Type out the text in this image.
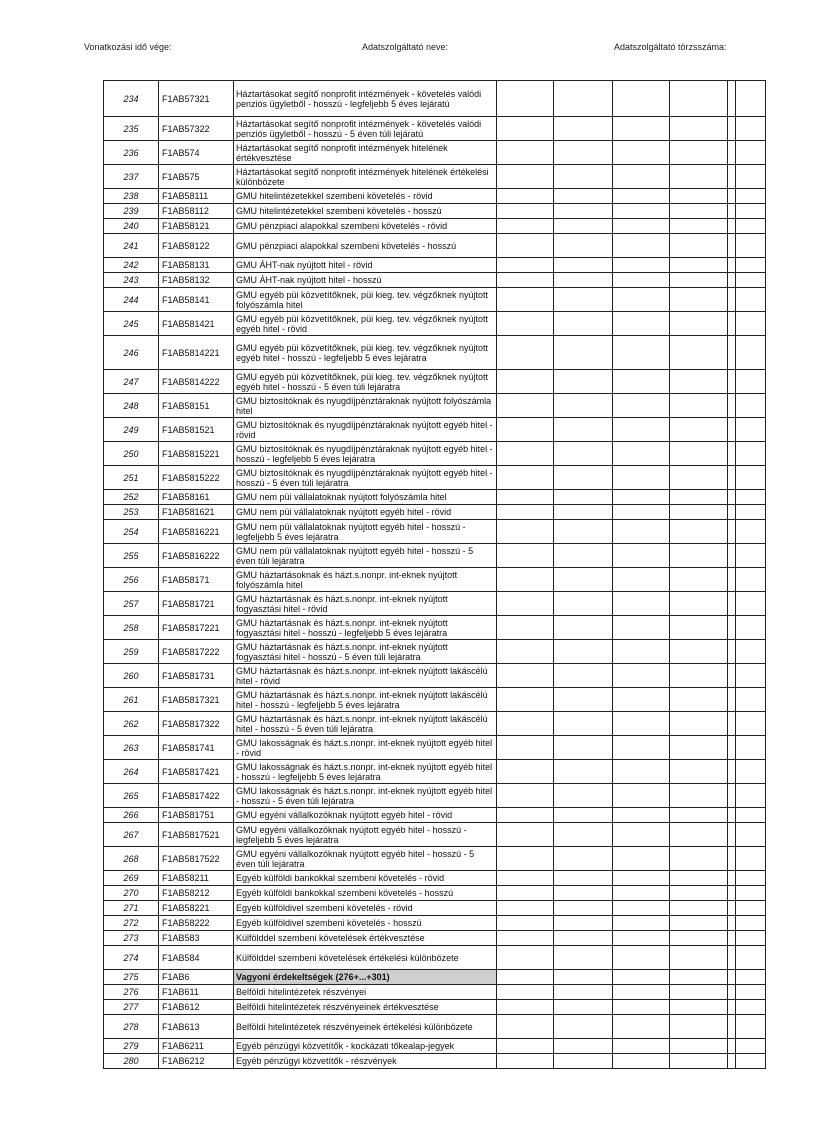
Vonatkozási idő vége:	Adatszolgáltató neve:	Adatszolgáltató törzsszáma:
234	F1AB57321	Háztartásokat segítő nonprofit intézmények - követelés valódi penziós ügyletből - hosszú - legfeljebb 5 éves lejáratú						
235	F1AB57322	Háztartásokat segítő nonprofit intézmények - követelés valódi penziós ügyletből - hosszú - 5 éven túli lejáratú						
236	F1AB574	Háztartásokat segítő nonprofit intézmények hitelének értékvesztése						
237	F1AB575	Háztartásokat segítő nonprofit intézmények hitelének értékelési különbözete						
238	F1AB58111	GMU hitelintézetekkel szembeni követelés - rövid						
239	F1AB58112	GMU hitelintézetekkel szembeni követelés - hosszú						
240	F1AB58121	GMU pénzpiaci alapokkal szembeni követelés - rövid						
241	F1AB58122	GMU pénzpiaci alapokkal szembeni követelés - hosszú						
242	F1AB58131	GMU ÁHT-nak nyújtott hitel - rövid						
243	F1AB58132	GMU ÁHT-nak nyújtott hitel - hosszú						
244	F1AB58141	GMU egyéb püi közvetítőknek, püi kieg. tev. végzőknek nyújtott folyószámla hitel						
245	F1AB581421	GMU egyéb püi közvetítőknek, püi kieg. tev. végzőknek nyújtott egyéb hitel - rövid						
246	F1AB5814221	GMU egyéb püi közvetítőknek, püi kieg. tev. végzőknek nyújtott egyéb hitel - hosszú - legfeljebb 5 éves lejáratra						
247	F1AB5814222	GMU egyéb püi közvetítőknek, püi kieg. tev. végzőknek nyújtott egyéb hitel - hosszú - 5 éven túli lejáratra						
248	F1AB58151	GMU biztosítóknak és nyugdíjpénztáraknak nyújtott folyószámla hitel						
249	F1AB581521	GMU biztosítóknak és nyugdíjpénztáraknak nyújtott egyéb hitel - rövid						
250	F1AB5815221	GMU biztosítóknak és nyugdíjpénztáraknak nyújtott egyéb hitel - hosszú - legfeljebb 5 éves lejáratra						
251	F1AB5815222	GMU biztosítóknak és nyugdíjpénztáraknak nyújtott egyéb hitel - hosszú - 5 éven túli lejáratra						
252	F1AB58161	GMU nem püi vállalatoknak nyújtott folyószámla hitel						
253	F1AB581621	GMU nem püi vállalatoknak nyújtott egyéb hitel - rövid						
254	F1AB5816221	GMU nem püi vállalatoknak nyújtott egyéb hitel - hosszú - legfeljebb 5 éves lejáratra						
255	F1AB5816222	GMU nem püi vállalatoknak nyújtott egyéb hitel - hosszú - 5 éven túli lejáratra						
256	F1AB58171	GMU háztartásoknak és házt.s.nonpr. int-eknek nyújtott folyószámla hitel						
257	F1AB581721	GMU háztartásnak és házt.s.nonpr. int-eknek nyújtott fogyasztási hitel - rövid						
258	F1AB5817221	GMU háztartásnak és házt.s.nonpr. int-eknek nyújtott fogyasztási hitel - hosszú - legfeljebb 5 éves lejáratra						
259	F1AB5817222	GMU háztartásnak és házt.s.nonpr. int-eknek nyújtott fogyasztási hitel - hosszú - 5 éven túli lejáratra						
260	F1AB581731	GMU háztartásnak és házt.s.nonpr. int-eknek nyújtott lakáscélú hitel - rövid						
261	F1AB5817321	GMU háztartásnak és házt.s.nonpr. int-eknek nyújtott lakáscélú hitel - hosszú - legfeljebb 5 éves lejáratra						
262	F1AB5817322	GMU háztartásnak és házt.s.nonpr. int-eknek nyújtott lakáscélú hitel - hosszú - 5 éven túli lejáratra						
263	F1AB581741	GMU lakosságnak és házt.s.nonpr. int-eknek nyújtott egyéb hitel - rövid						
264	F1AB5817421	GMU lakosságnak és házt.s.nonpr. int-eknek nyújtott egyéb hitel - hosszú - legfeljebb 5 éves lejáratra						
265	F1AB5817422	GMU lakosságnak és házt.s.nonpr. int-eknek nyújtott egyéb hitel - hosszú - 5 éven túli lejáratra						
266	F1AB581751	GMU egyéni vállalkozóknak nyújtott egyéb hitel - rövid						
267	F1AB5817521	GMU egyéni vállalkozóknak nyújtott egyéb hitel - hosszú - legfeljebb 5 éves lejáratra						
268	F1AB5817522	GMU egyéni vállalkozóknak nyújtott egyéb hitel - hosszú - 5 éven túli lejáratra						
269	F1AB58211	Egyéb külföldi bankokkal szembeni követelés - rövid						
270	F1AB58212	Egyéb külföldi bankokkal szembeni követelés - hosszú						
271	F1AB58221	Egyéb külföldivel szembeni követelés - rövid						
272	F1AB58222	Egyéb külföldivel szembeni követelés - hosszú						
273	F1AB583	Külfölddel szembeni követelések értékvesztése						
274	F1AB584	Külfölddel szembeni követelések értékelési különbözete						
275	F1AB6	Vagyoni érdekeltségek (276+...+301)						
276	F1AB611	Belföldi hitelintézetek részvényei						
277	F1AB612	Belföldi hitelintézetek részvényeinek értékvesztése						
278	F1AB613	Belföldi hitelintézetek részvényeinek értékelési különbözete						
279	F1AB6211	Egyéb pénzügyi közvetítők - kockázati tőkealap-jegyek						
280	F1AB6212	Egyéb pénzügyi közvetítők - részvények						
